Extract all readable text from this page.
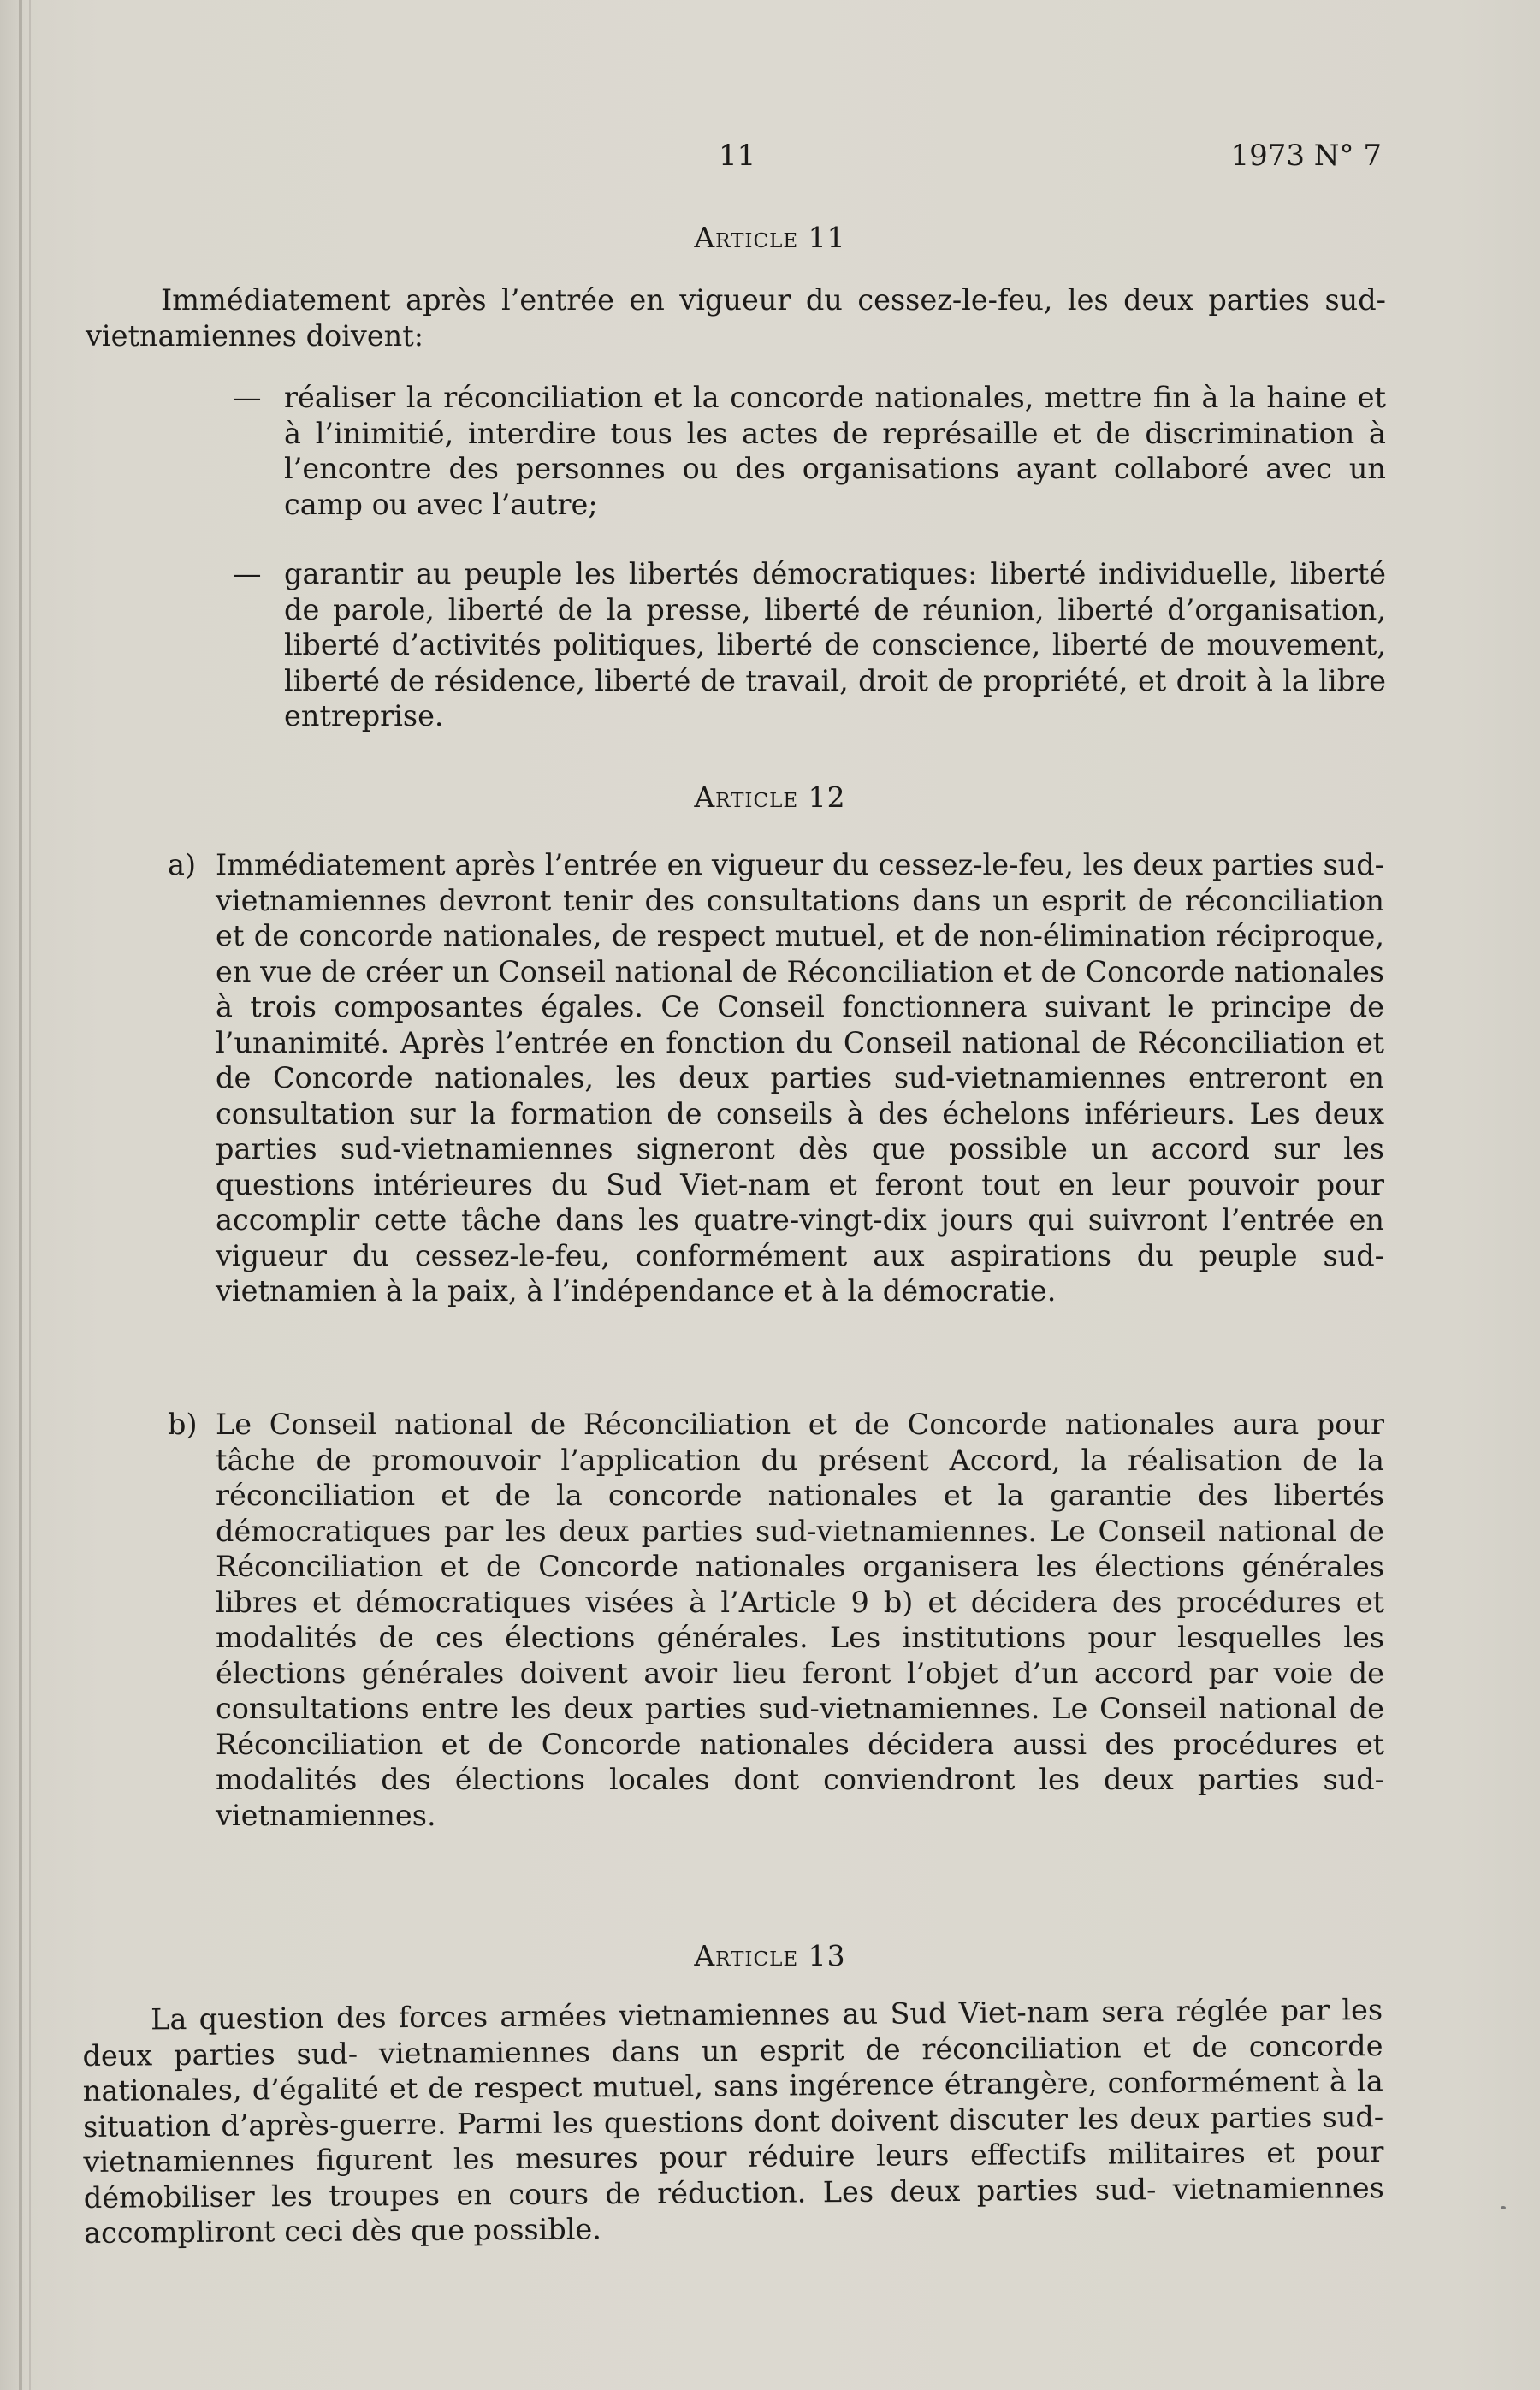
11	1973 N° 7
Article 11
Immédiatement après l’entrée en vigueur du cessez-le-feu, les deux parties sud-vietnamiennes doivent:
— réaliser la réconciliation et la concorde nationales, mettre fin à la haine et à l’inimitié, interdire tous les actes de représaille et de discrimination à l’encontre des personnes ou des organisations ayant collaboré avec un camp ou avec l’autre;
— garantir au peuple les libertés démocratiques: liberté individuelle, liberté de parole, liberté de la presse, liberté de réunion, liberté d’organisation, liberté d’activités politiques, liberté de conscience, liberté de mouvement, liberté de résidence, liberté de travail, droit de propriété, et droit à la libre entreprise.
Article 12
a) Immédiatement après l’entrée en vigueur du cessez-le-feu, les deux parties sud-vietnamiennes devront tenir des consultations dans un esprit de réconciliation et de concorde nationales, de respect mutuel, et de non-élimination réciproque, en vue de créer un Conseil national de Réconciliation et de Concorde nationales à trois composantes égales. Ce Conseil fonctionnera suivant le principe de l’unanimité. Après l’entrée en fonction du Conseil national de Réconciliation et de Concorde nationales, les deux parties sud-vietnamiennes entreront en consultation sur la formation de conseils à des échelons inférieurs. Les deux parties sud-vietnamiennes signeront dès que possible un accord sur les questions intérieures du Sud Viet-nam et feront tout en leur pouvoir pour accomplir cette tâche dans les quatre-vingt-dix jours qui suivront l’entrée en vigueur du cessez-le-feu, conformément aux aspirations du peuple sud-vietnamien à la paix, à l’indépendance et à la démocratie.
b) Le Conseil national de Réconciliation et de Concorde nationales aura pour tâche de promouvoir l’application du présent Accord, la réalisation de la réconciliation et de la concorde nationales et la garantie des libertés démocratiques par les deux parties sud-vietnamiennes. Le Conseil national de Réconciliation et de Concorde nationales organisera les élections générales libres et démocratiques visées à l’Article 9 b) et décidera des procédures et modalités de ces élections générales. Les institutions pour lesquelles les élections générales doivent avoir lieu feront l’objet d’un accord par voie de consultations entre les deux parties sud-vietnamiennes. Le Conseil national de Réconciliation et de Concorde nationales décidera aussi des procédures et modalités des élections locales dont conviendront les deux parties sud-vietnamiennes.
Article 13
La question des forces armées vietnamiennes au Sud Viet-nam sera réglée par les deux parties sud- vietnamiennes dans un esprit de réconciliation et de concorde nationales, d’égalité et de respect mutuel, sans ingérence étrangère, conformément à la situation d’après-guerre. Parmi les questions dont doivent discuter les deux parties sud-vietnamiennes figurent les mesures pour réduire leurs effectifs militaires et pour démobiliser les troupes en cours de réduction. Les deux parties sud- vietnamiennes accompliront ceci dès que possible.
